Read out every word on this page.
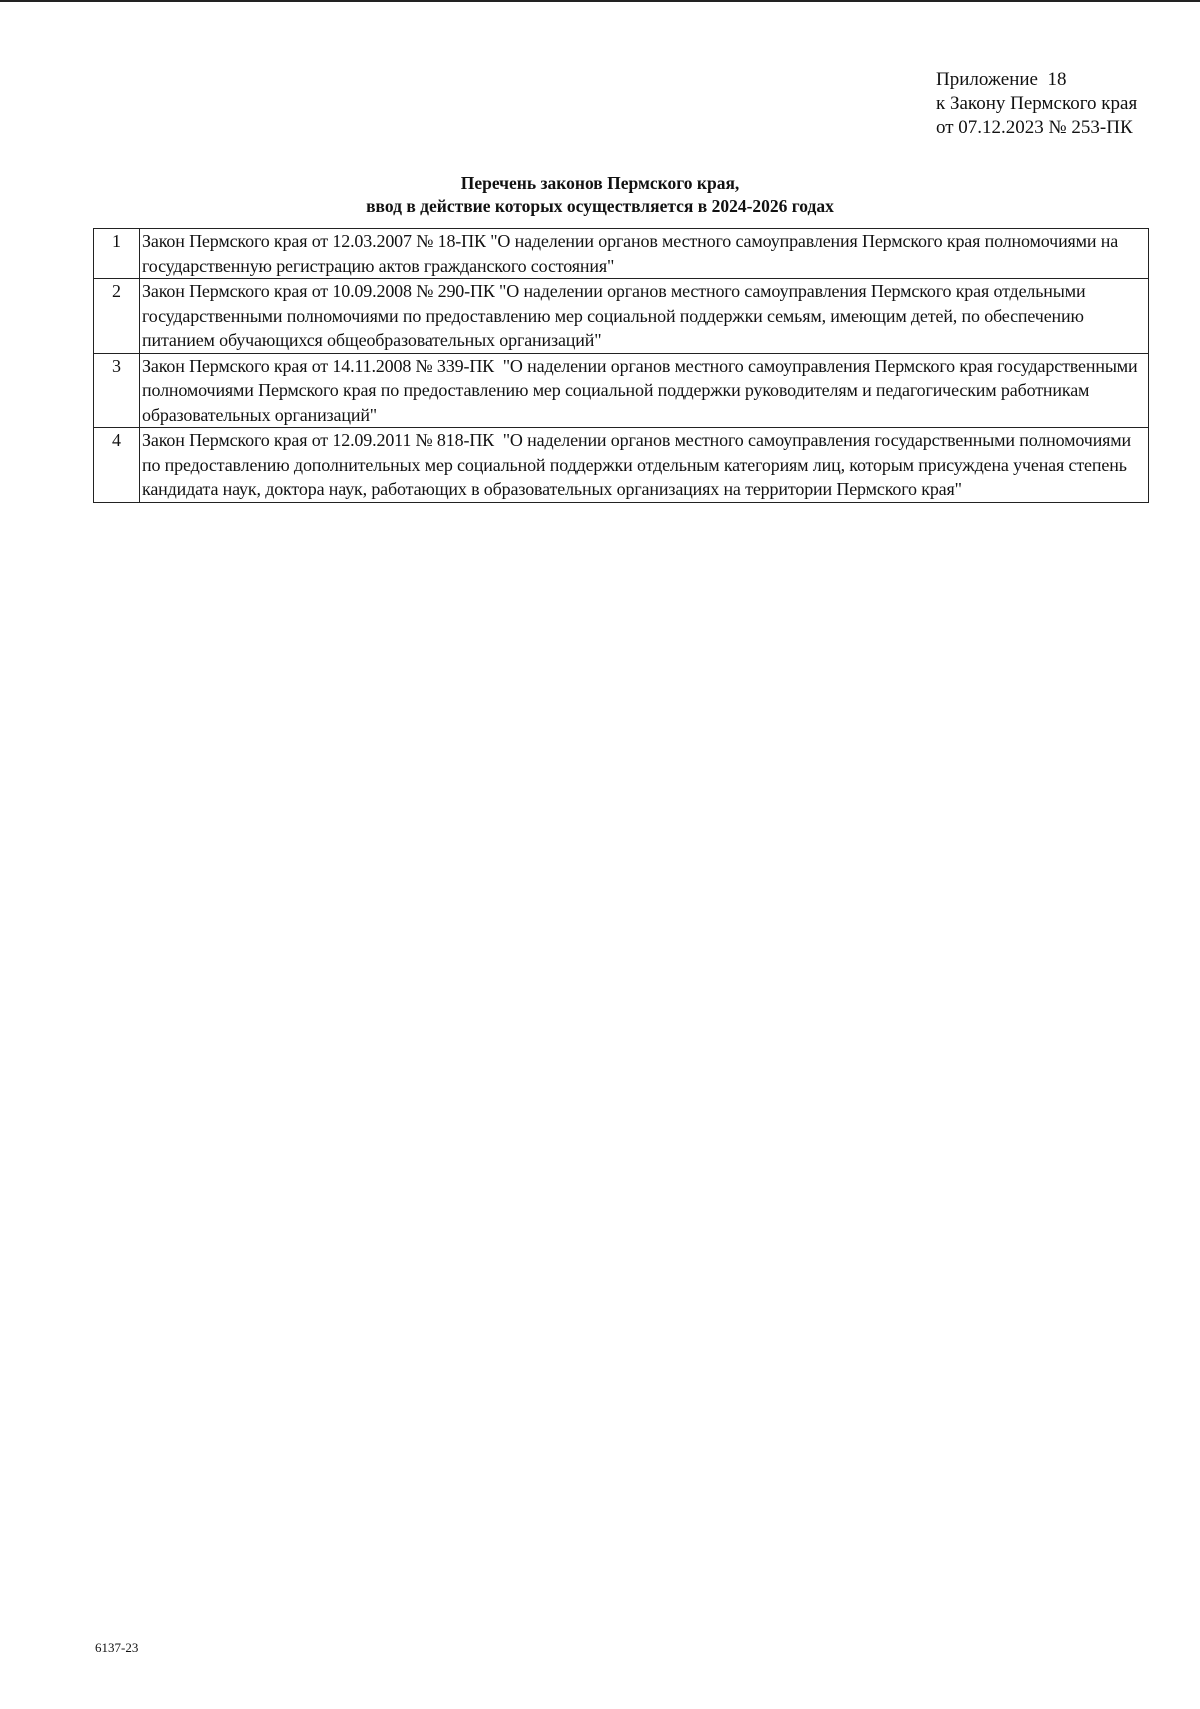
Приложение  18
к Закону Пермского края
от 07.12.2023 № 253-ПК
Перечень законов Пермского края,
ввод в действие которых осуществляется в 2024-2026 годах
1	Закон Пермского края от 12.03.2007 № 18-ПК "О наделении органов местного самоуправления Пермского края полномочиями на государственную регистрацию актов гражданского состояния"
2	Закон Пермского края от 10.09.2008 № 290-ПК "О наделении органов местного самоуправления Пермского края отдельными государственными полномочиями по предоставлению мер социальной поддержки семьям, имеющим детей, по обеспечению питанием обучающихся общеобразовательных организаций"
3	Закон Пермского края от 14.11.2008 № 339-ПК  "О наделении органов местного самоуправления Пермского края государственными полномочиями Пермского края по предоставлению мер социальной поддержки руководителям и педагогическим работникам образовательных организаций"
4	Закон Пермского края от 12.09.2011 № 818-ПК  "О наделении органов местного самоуправления государственными полномочиями по предоставлению дополнительных мер социальной поддержки отдельным категориям лиц, которым присуждена ученая степень кандидата наук, доктора наук, работающих в образовательных организациях на территории Пермского края"
6137-23
